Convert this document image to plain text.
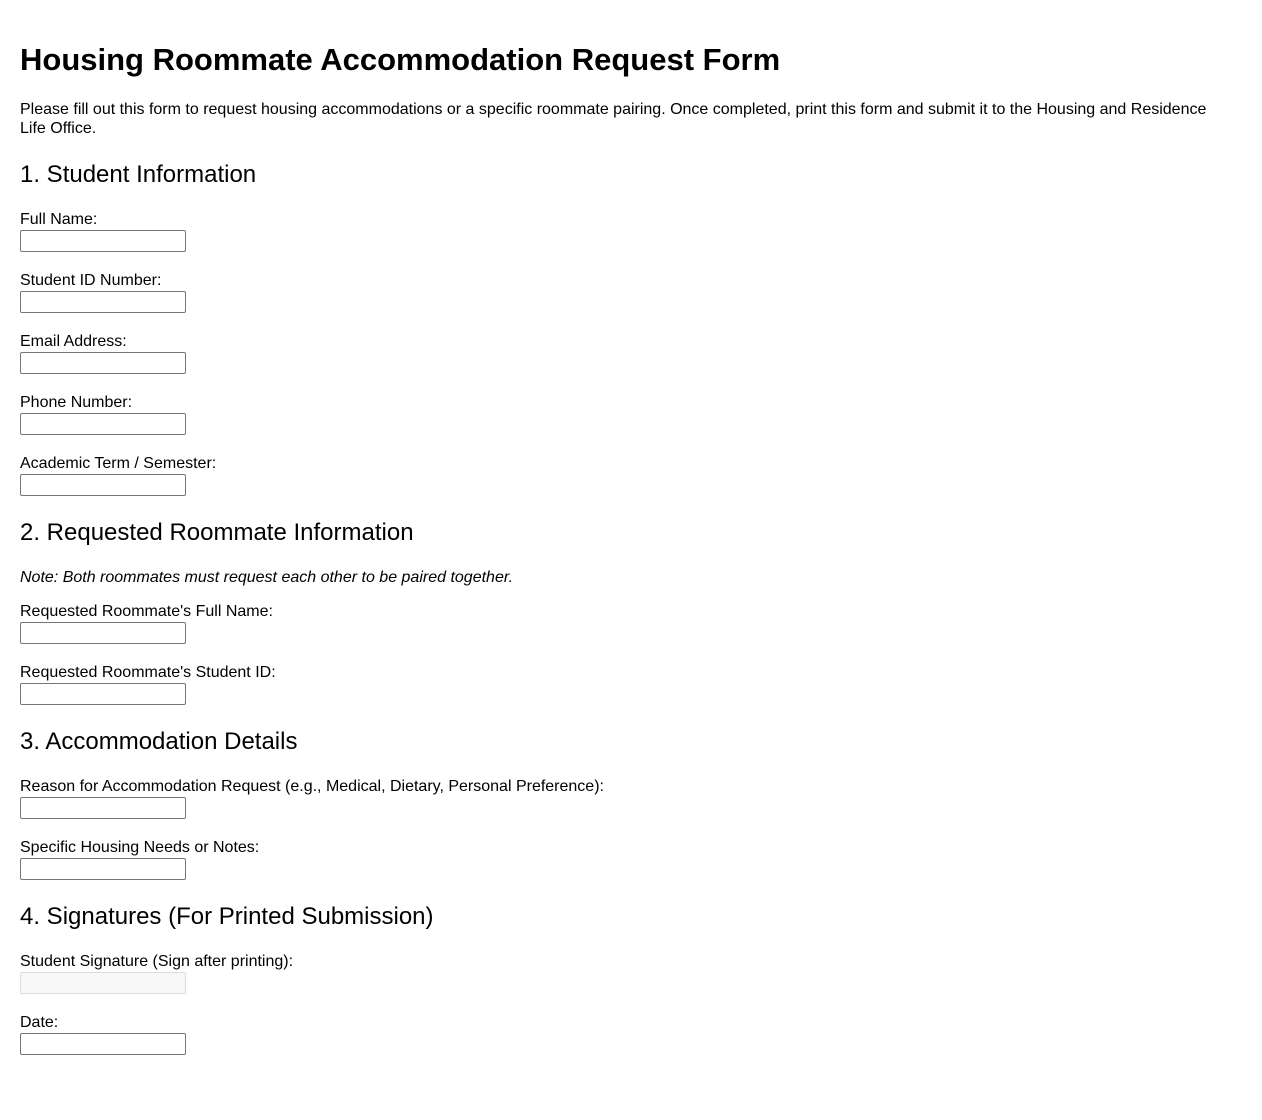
Housing Roommate Accommodation Request Form

Please fill out this form to request housing accommodations or a specific roommate pairing. Once completed, print this form and submit it to the Housing and Residence Life Office.

1. Student Information
Full Name:
Student ID Number:
Email Address:
Phone Number:
Academic Term / Semester:
2. Requested Roommate Information

Note: Both roommates must request each other to be paired together.

Requested Roommate's Full Name:
Requested Roommate's Student ID:
3. Accommodation Details
Reason for Accommodation Request (e.g., Medical, Dietary, Personal Preference):
Specific Housing Needs or Notes:
4. Signatures (For Printed Submission)
Student Signature (Sign after printing):
Date:
